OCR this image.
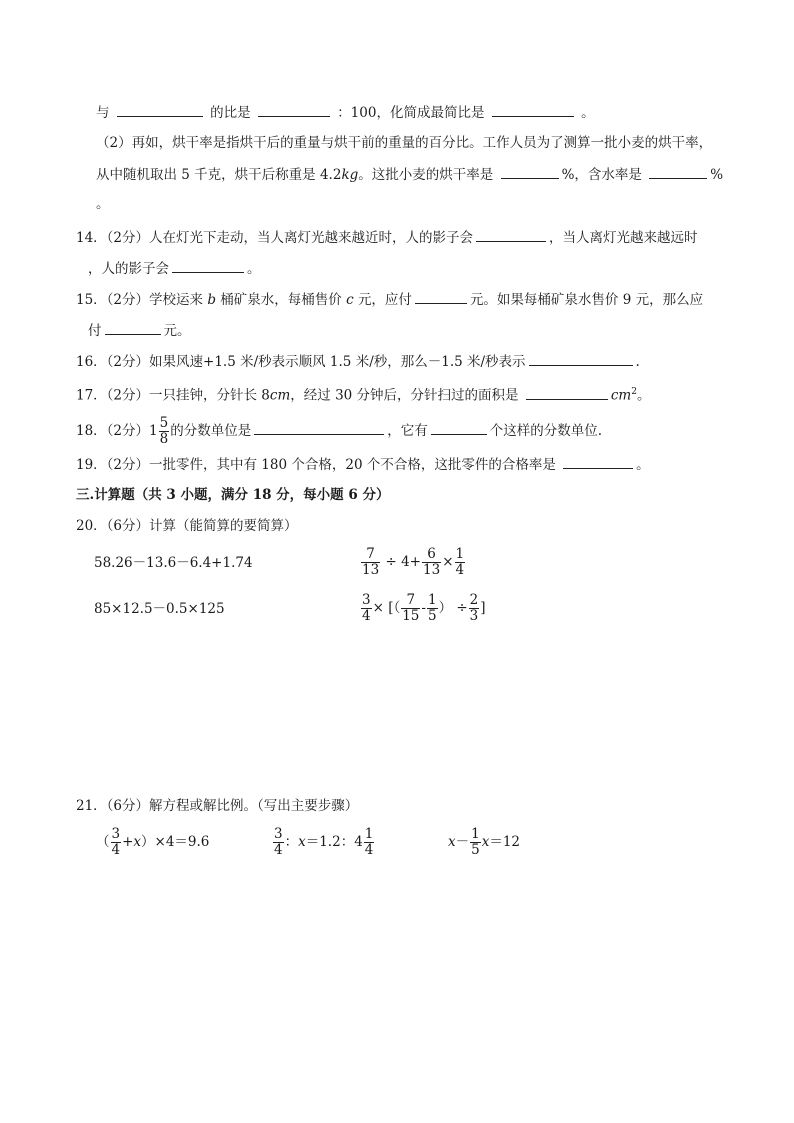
与	的比是	：100，化简成最简比是	。
（2）再如，烘干率是指烘干后的重量与烘干前的重量的百分比。工作人员为了测算一批小麦的烘干率，
从中随机取出 5 千克，烘干后称重是 4.2kg。这批小麦的烘干率是	%，含水率是	%
。
14．（2分）人在灯光下走动，当人离灯光越来越近时，人的影子会	，当人离灯光越来越远时
，人的影子会	。
15．（2分）学校运来 b 桶矿泉水，每桶售价 c 元，应付	元。如果每桶矿泉水售价 9 元，那么应
付	元。
16．（2分）如果风速+1.5 米/秒表示顺风 1.5 米/秒，那么－1.5 米/秒表示	.
17．（2分）一只挂钟，分针长 8cm，经过 30 分钟后，分针扫过的面积是	$cm^2$。
18．（2分）$1 \frac{5}{8}$ 的分数单位是	，它有	个这样的分数单位.
19．（2分）一批零件，其中有 180 个合格，20 个不合格，这批零件的合格率是	。
三.计算题（共 3 小题，满分 18 分，每小题 6 分）
20．（6分）计算（能简算的要简算）
58.26－13.6－6.4+1.74	$\frac{7}{13} \div 4+ \frac{6}{13} \times \frac{1}{4}$
85×12.5－0.5×125	$\frac{3}{4}$ × [（ $\frac{7}{15} - \frac{1}{5}$ ） ÷ $\frac{2}{3}$ ]
21．（6分）解方程或解比例。（写出主要步骤）
（ $\frac{3}{4} +x)\times 4=9.6$	$\frac{3}{4}$ ：x＝1.2：$4 \frac{1}{4}$	$x- \frac{1}{5} x=12$
